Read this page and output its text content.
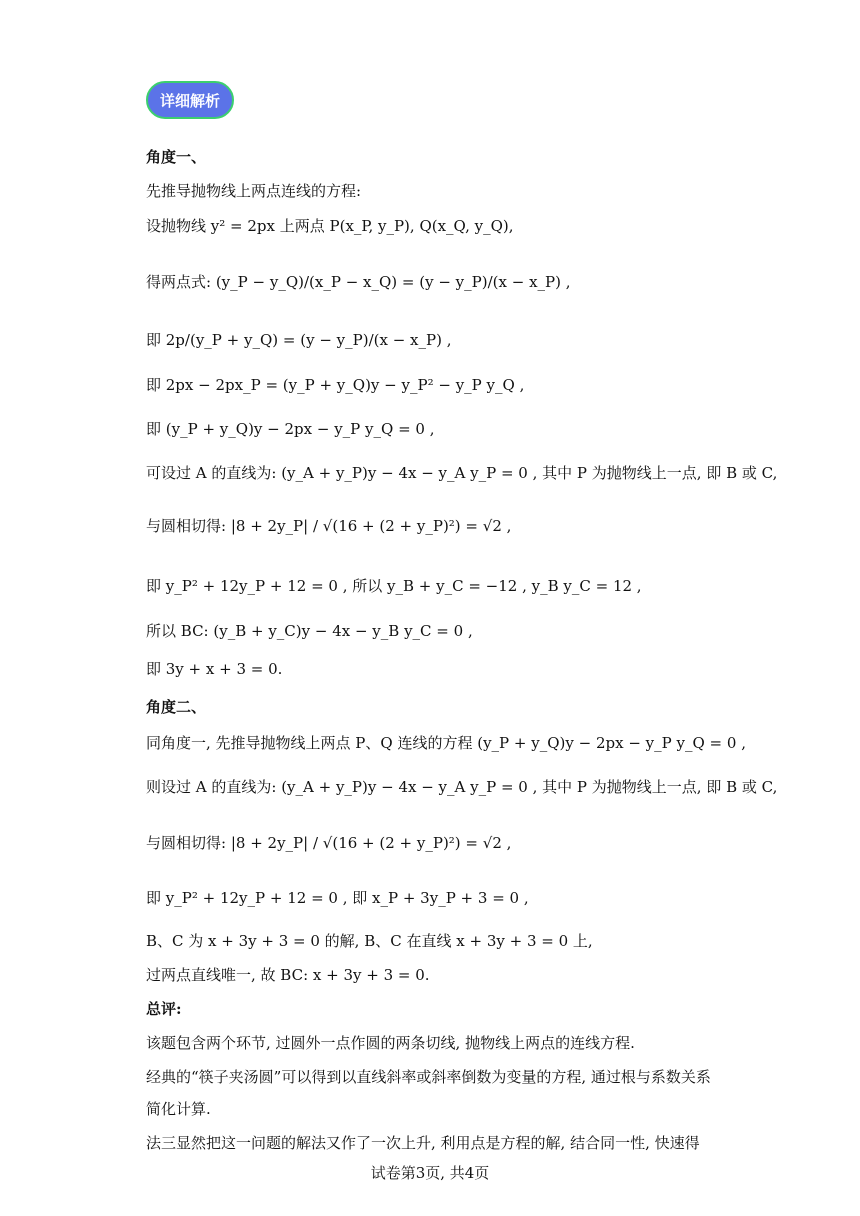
详细解析
角度一、
先推导抛物线上两点连线的方程:
设抛物线 y² = 2px 上两点 P(x_P, y_P), Q(x_Q, y_Q),
得两点式: (y_P − y_Q)/(x_P − x_Q) = (y − y_P)/(x − x_P) ,
即 2p/(y_P + y_Q) = (y − y_P)/(x − x_P) ,
即 2px − 2px_P = (y_P + y_Q)y − y_P² − y_P y_Q ,
即 (y_P + y_Q)y − 2px − y_P y_Q = 0 ,
可设过 A 的直线为: (y_A + y_P)y − 4x − y_A y_P = 0 , 其中 P 为抛物线上一点, 即 B 或 C,
与圆相切得: |8 + 2y_P| / √(16 + (2 + y_P)²) = √2 ,
即 y_P² + 12y_P + 12 = 0 , 所以 y_B + y_C = −12 , y_B y_C = 12 ,
所以 BC: (y_B + y_C)y − 4x − y_B y_C = 0 ,
即 3y + x + 3 = 0.
角度二、
同角度一, 先推导抛物线上两点 P、Q 连线的方程 (y_P + y_Q)y − 2px − y_P y_Q = 0 ,
则设过 A 的直线为: (y_A + y_P)y − 4x − y_A y_P = 0 , 其中 P 为抛物线上一点, 即 B 或 C,
与圆相切得: |8 + 2y_P| / √(16 + (2 + y_P)²) = √2 ,
即 y_P² + 12y_P + 12 = 0 , 即 x_P + 3y_P + 3 = 0 ,
B、C 为 x + 3y + 3 = 0 的解, B、C 在直线 x + 3y + 3 = 0 上,
过两点直线唯一, 故 BC: x + 3y + 3 = 0.
总评:
该题包含两个环节, 过圆外一点作圆的两条切线, 抛物线上两点的连线方程.
经典的“筷子夹汤圆”可以得到以直线斜率或斜率倒数为变量的方程, 通过根与系数关系
简化计算.
法三显然把这一问题的解法又作了一次上升, 利用点是方程的解, 结合同一性, 快速得
试卷第3页, 共4页
